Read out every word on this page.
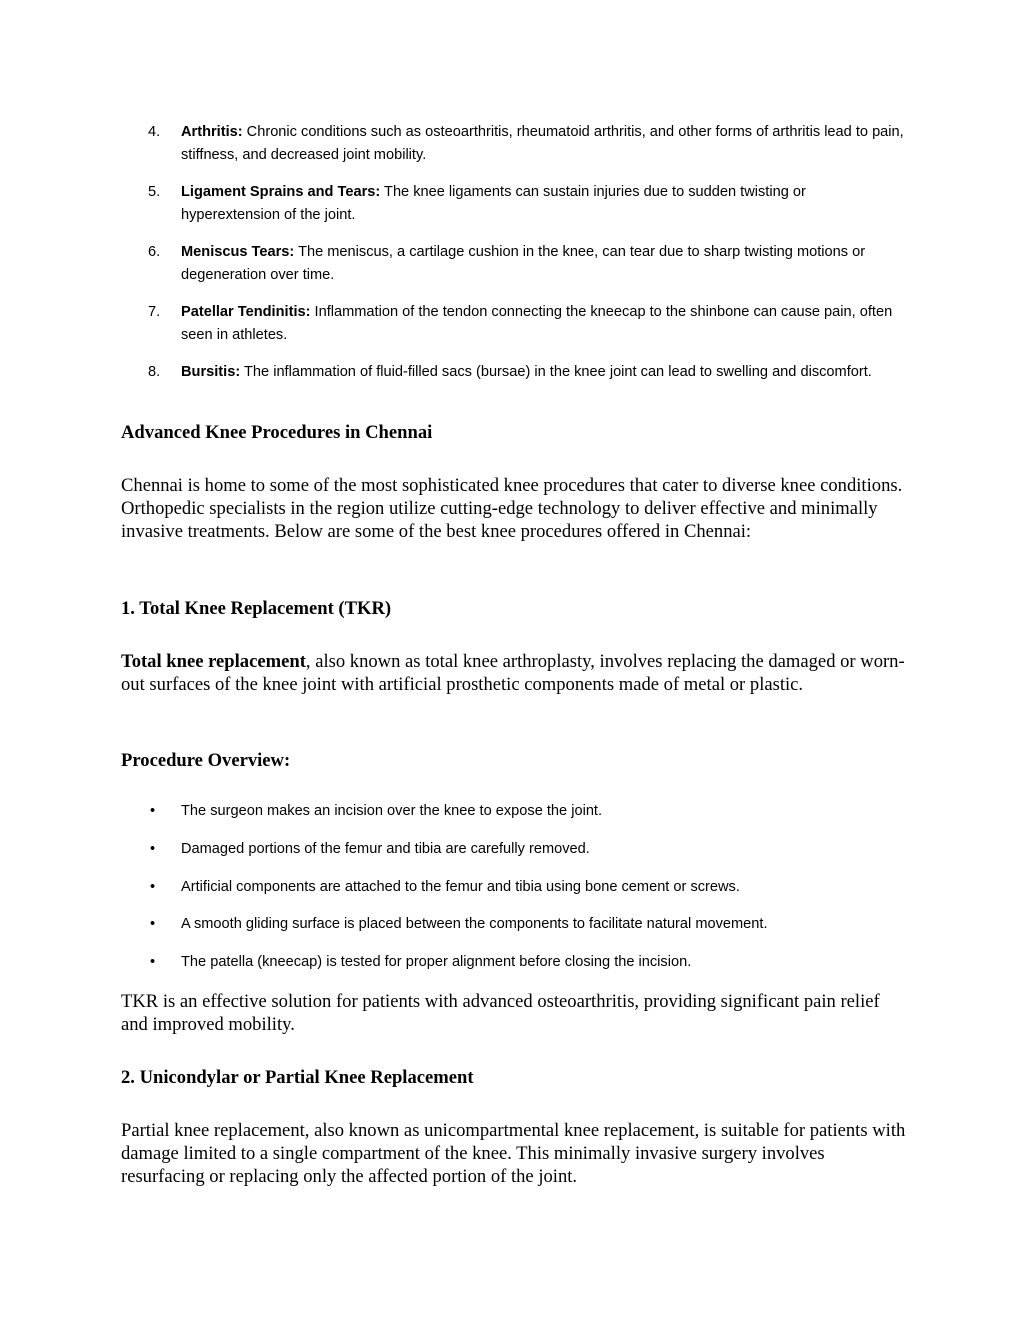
4. Arthritis: Chronic conditions such as osteoarthritis, rheumatoid arthritis, and other forms of arthritis lead to pain, stiffness, and decreased joint mobility.
5. Ligament Sprains and Tears: The knee ligaments can sustain injuries due to sudden twisting or hyperextension of the joint.
6. Meniscus Tears: The meniscus, a cartilage cushion in the knee, can tear due to sharp twisting motions or degeneration over time.
7. Patellar Tendinitis: Inflammation of the tendon connecting the kneecap to the shinbone can cause pain, often seen in athletes.
8. Bursitis: The inflammation of fluid-filled sacs (bursae) in the knee joint can lead to swelling and discomfort.

Advanced Knee Procedures in Chennai

Chennai is home to some of the most sophisticated knee procedures that cater to diverse knee conditions. Orthopedic specialists in the region utilize cutting-edge technology to deliver effective and minimally invasive treatments. Below are some of the best knee procedures offered in Chennai:

1. Total Knee Replacement (TKR)

Total knee replacement, also known as total knee arthroplasty, involves replacing the damaged or worn-out surfaces of the knee joint with artificial prosthetic components made of metal or plastic.

Procedure Overview:

• The surgeon makes an incision over the knee to expose the joint.
• Damaged portions of the femur and tibia are carefully removed.
• Artificial components are attached to the femur and tibia using bone cement or screws.
• A smooth gliding surface is placed between the components to facilitate natural movement.
• The patella (kneecap) is tested for proper alignment before closing the incision.

TKR is an effective solution for patients with advanced osteoarthritis, providing significant pain relief and improved mobility.

2. Unicondylar or Partial Knee Replacement

Partial knee replacement, also known as unicompartmental knee replacement, is suitable for patients with damage limited to a single compartment of the knee. This minimally invasive surgery involves resurfacing or replacing only the affected portion of the joint.
